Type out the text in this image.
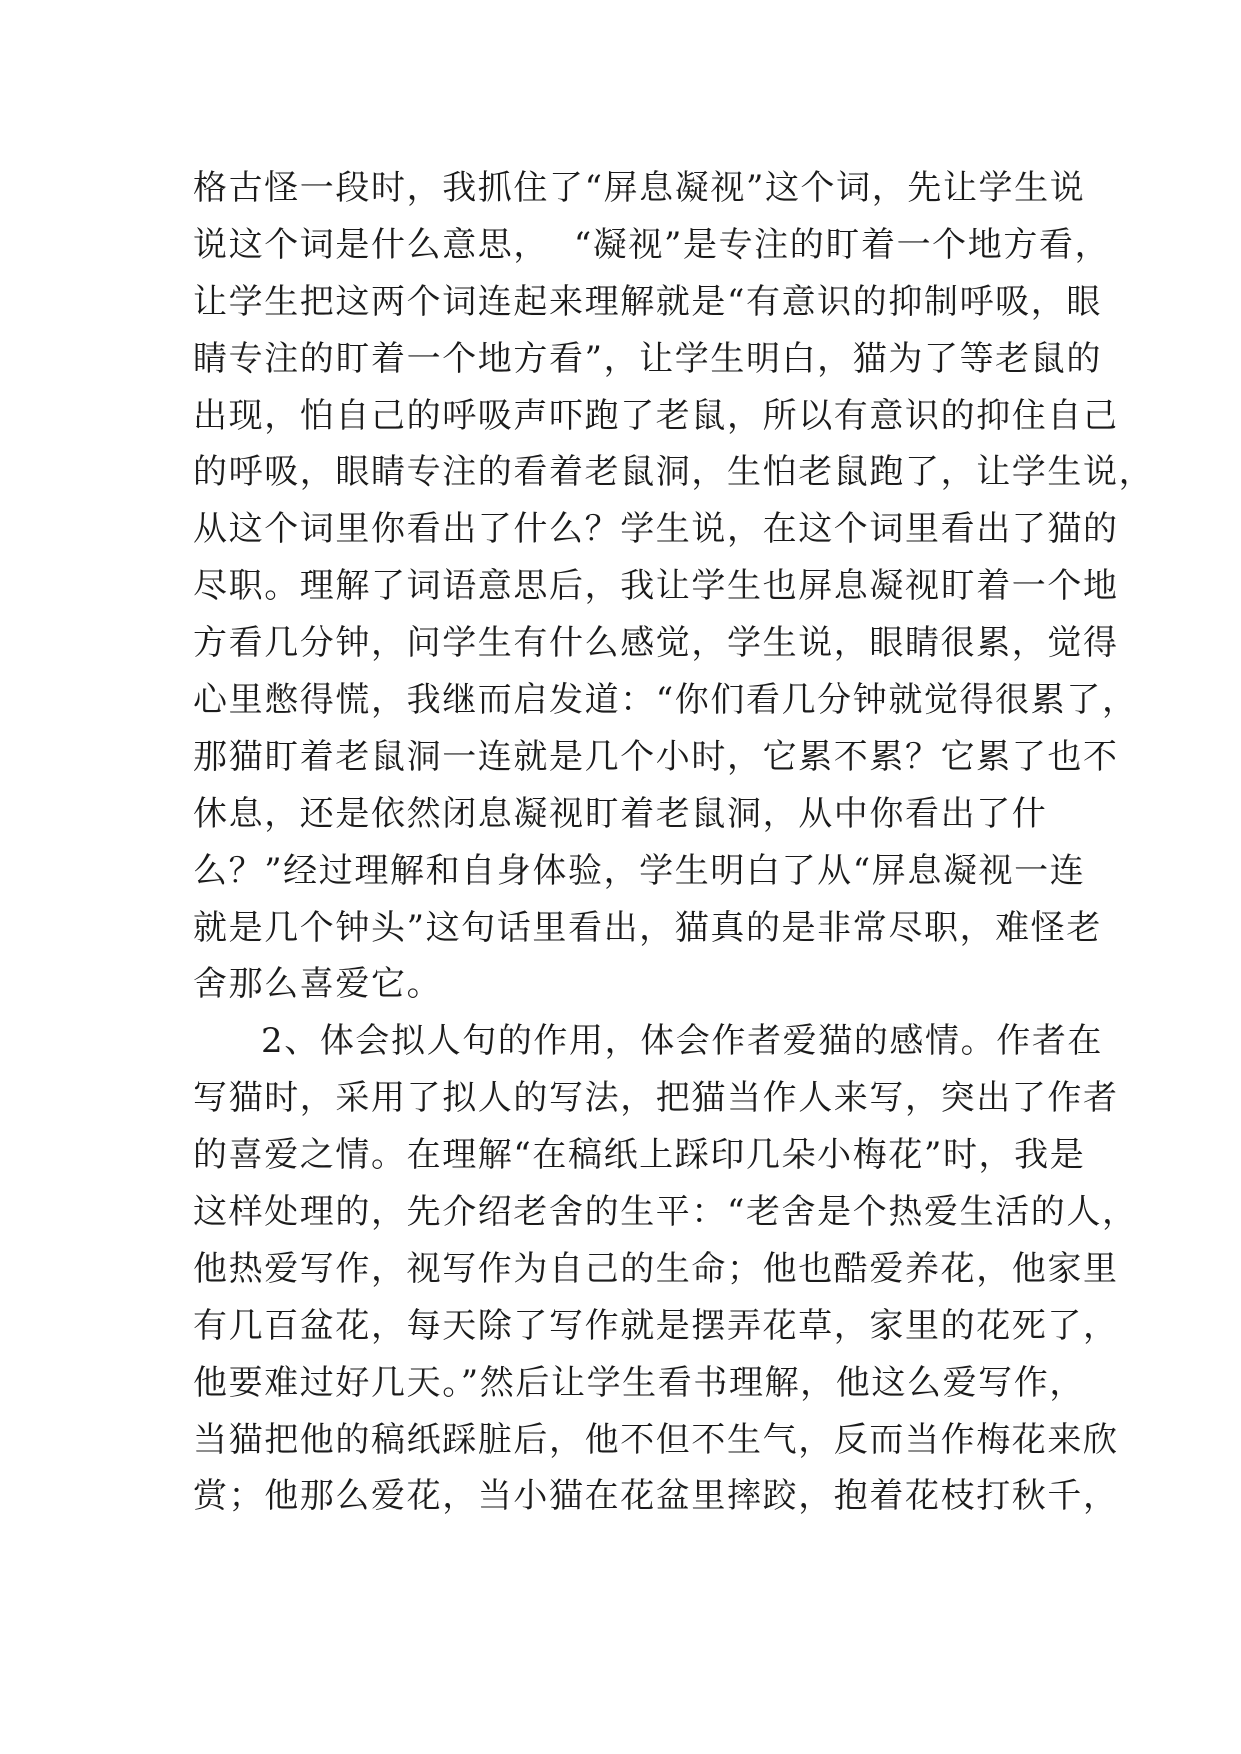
格古怪一段时，我抓住了“屏息凝视”这个词，先让学生说
说这个词是什么意思，  “凝视”是专注的盯着一个地方看，
让学生把这两个词连起来理解就是“有意识的抑制呼吸，眼
睛专注的盯着一个地方看”，让学生明白，猫为了等老鼠的
出现，怕自己的呼吸声吓跑了老鼠，所以有意识的抑住自己
的呼吸，眼睛专注的看着老鼠洞，生怕老鼠跑了，让学生说，
从这个词里你看出了什么？学生说，在这个词里看出了猫的
尽职。理解了词语意思后，我让学生也屏息凝视盯着一个地
方看几分钟，问学生有什么感觉，学生说，眼睛很累，觉得
心里憋得慌，我继而启发道：“你们看几分钟就觉得很累了，
那猫盯着老鼠洞一连就是几个小时，它累不累？它累了也不
休息，还是依然闭息凝视盯着老鼠洞，从中你看出了什
么？”经过理解和自身体验，学生明白了从“屏息凝视一连
就是几个钟头”这句话里看出，猫真的是非常尽职，难怪老
舍那么喜爱它。
2、体会拟人句的作用，体会作者爱猫的感情。作者在
写猫时，采用了拟人的写法，把猫当作人来写，突出了作者
的喜爱之情。在理解“在稿纸上踩印几朵小梅花”时，我是
这样处理的，先介绍老舍的生平：“老舍是个热爱生活的人，
他热爱写作，视写作为自己的生命；他也酷爱养花，他家里
有几百盆花，每天除了写作就是摆弄花草，家里的花死了，
他要难过好几天。”然后让学生看书理解，他这么爱写作，
当猫把他的稿纸踩脏后，他不但不生气，反而当作梅花来欣
赏；他那么爱花，当小猫在花盆里摔跤，抱着花枝打秋千，
